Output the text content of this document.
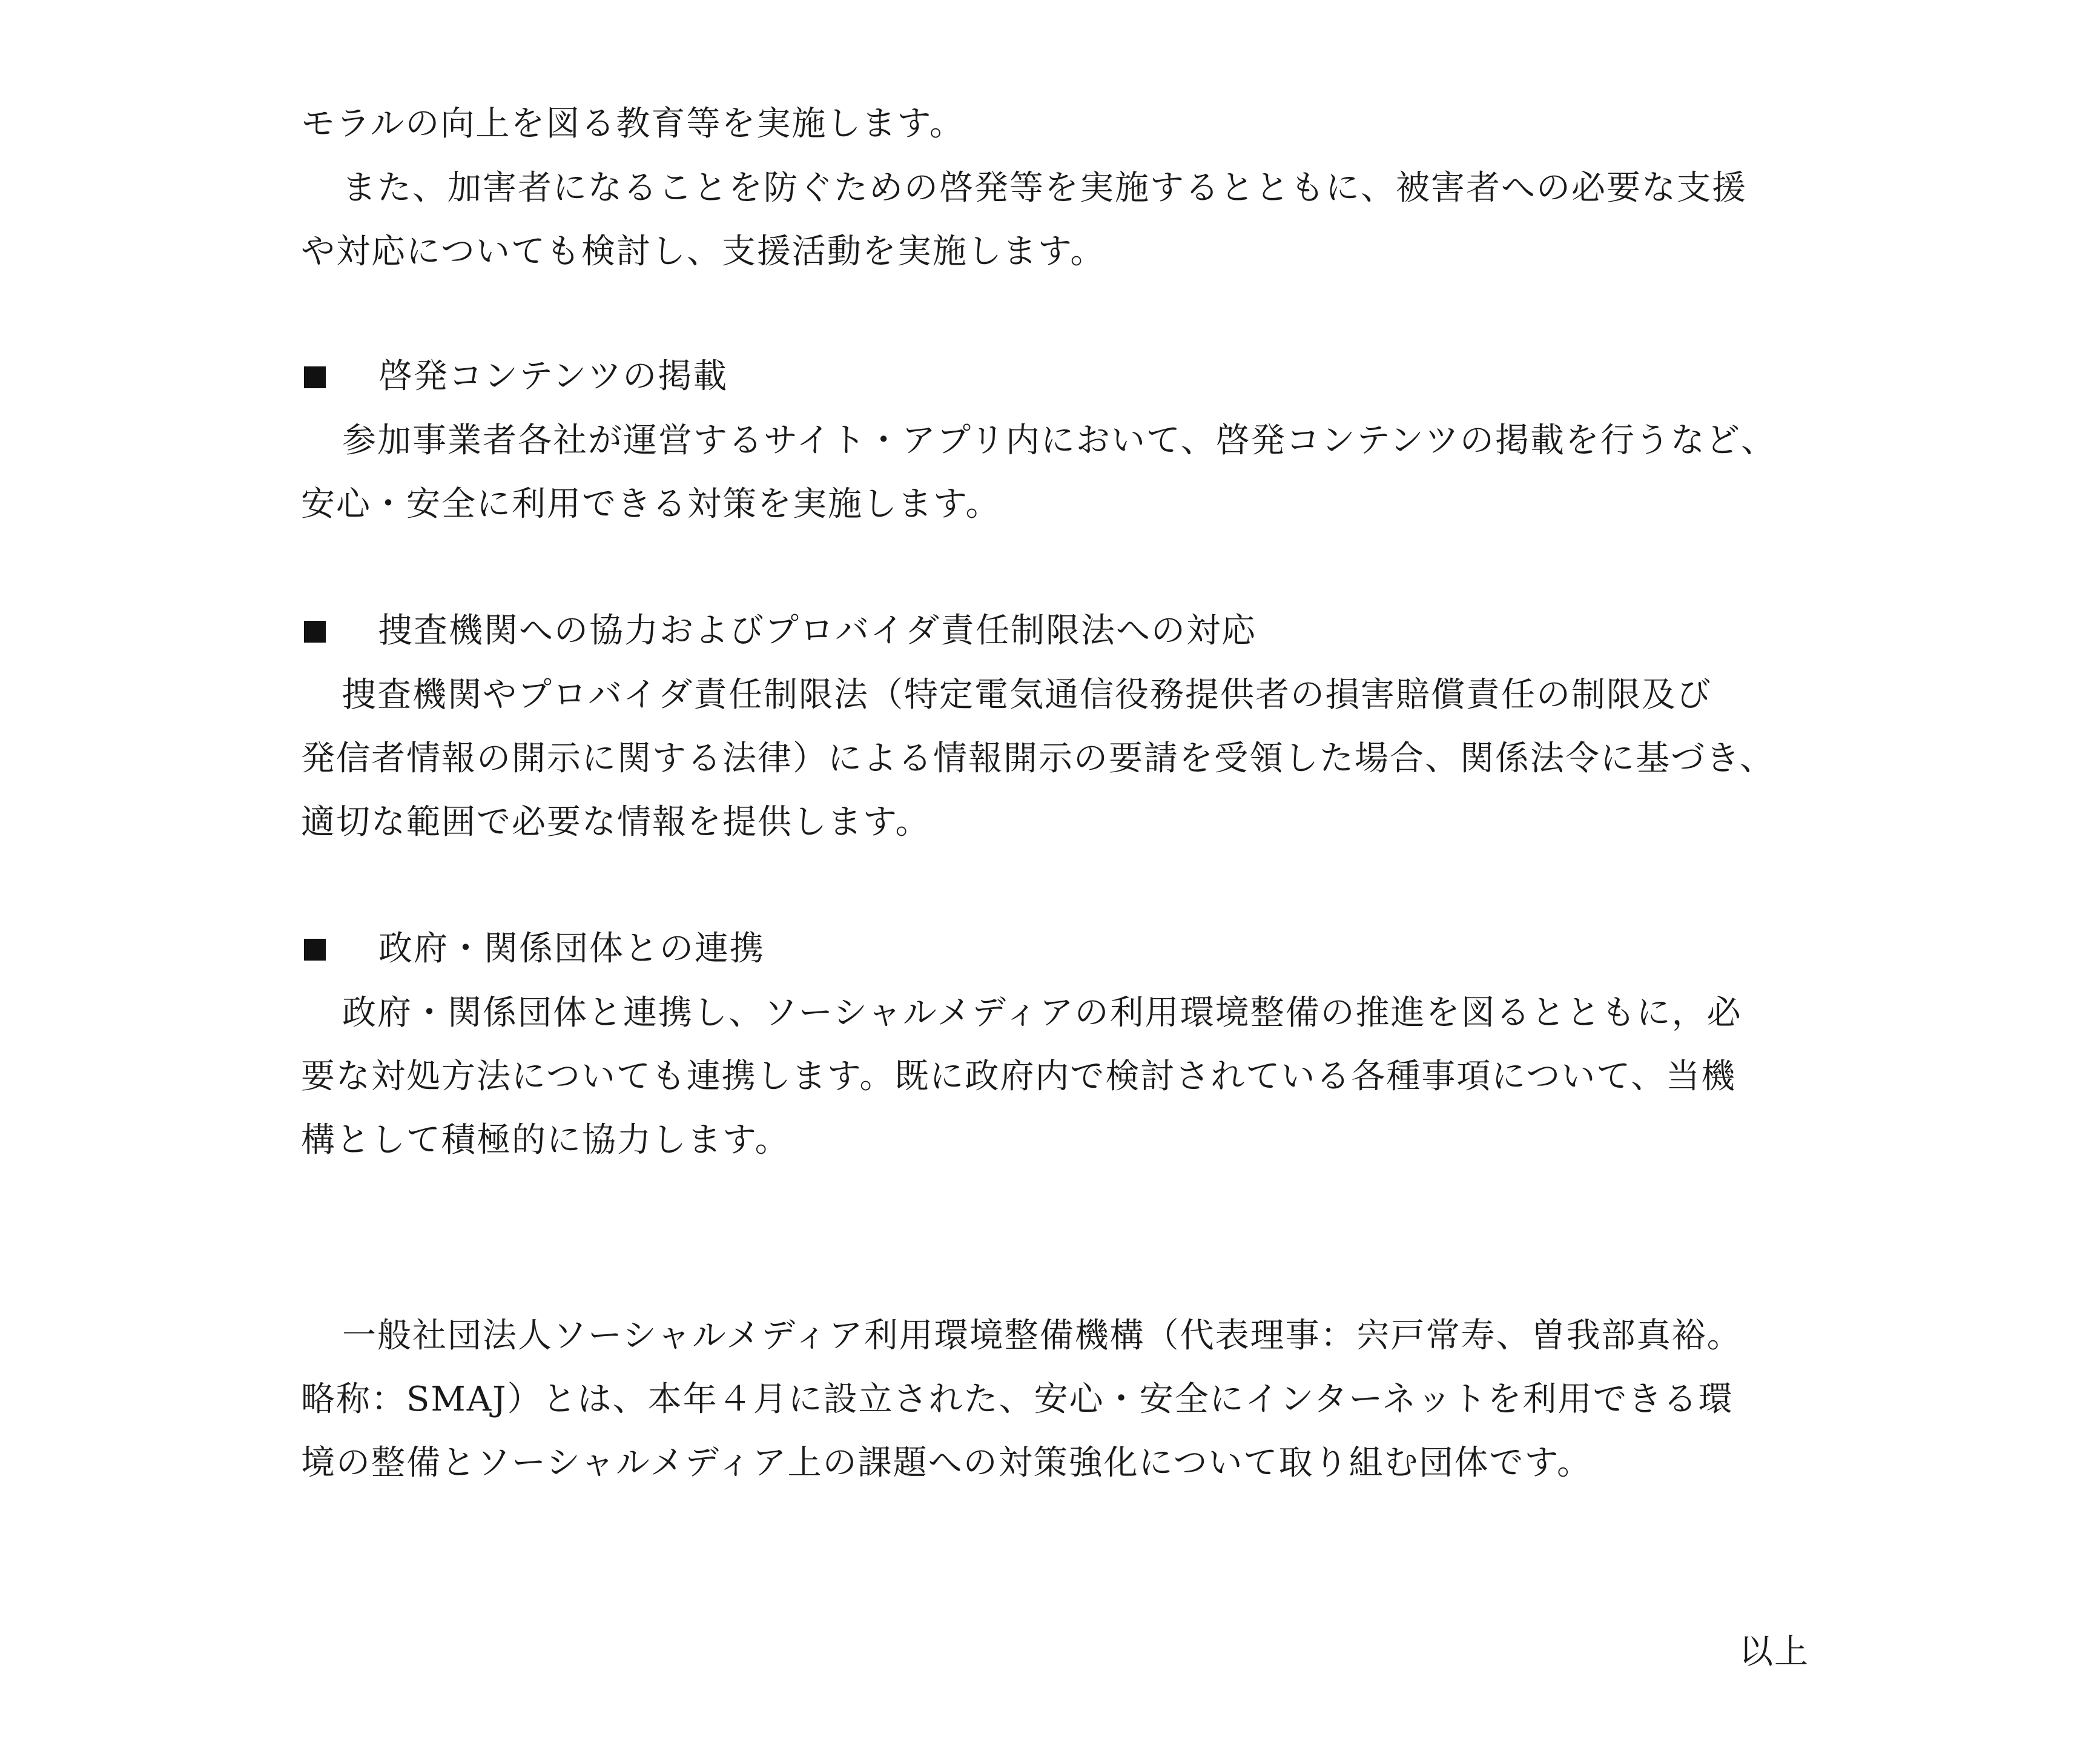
モラルの向上を図る教育等を実施します。
また、加害者になることを防ぐための啓発等を実施するとともに、被害者への必要な支援
や対応についても検討し、支援活動を実施します。
啓発コンテンツの掲載
参加事業者各社が運営するサイト・アプリ内において、啓発コンテンツの掲載を行うなど、
安心・安全に利用できる対策を実施します。
捜査機関への協力およびプロバイダ責任制限法への対応
捜査機関やプロバイダ責任制限法（特定電気通信役務提供者の損害賠償責任の制限及び
発信者情報の開示に関する法律）による情報開示の要請を受領した場合、関係法令に基づき、
適切な範囲で必要な情報を提供します。
政府・関係団体との連携
政府・関係団体と連携し、ソーシャルメディアの利用環境整備の推進を図るとともに，必
要な対処方法についても連携します。既に政府内で検討されている各種事項について、当機
構として積極的に協力します。
一般社団法人ソーシャルメディア利用環境整備機構（代表理事：宍戸常寿、曽我部真裕。
略称：SMAJ）とは、本年４月に設立された、安心・安全にインターネットを利用できる環
境の整備とソーシャルメディア上の課題への対策強化について取り組む団体です。
以上
